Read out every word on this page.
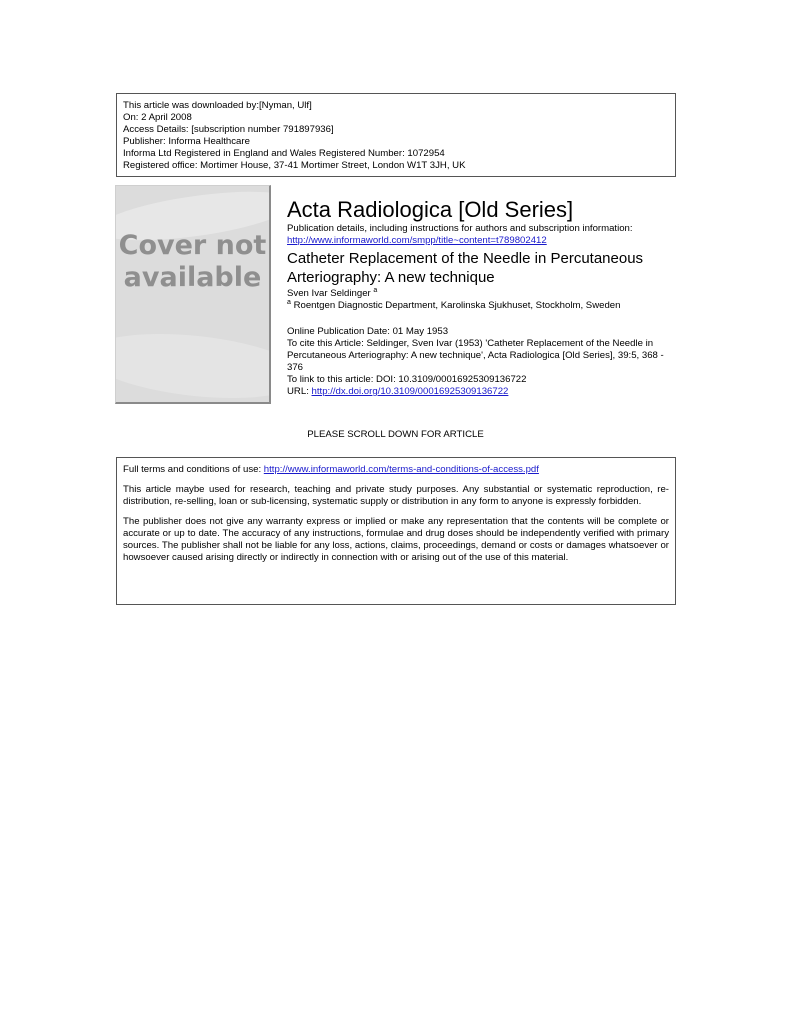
This article was downloaded by:[Nyman, Ulf]
On: 2 April 2008
Access Details: [subscription number 791897936]
Publisher: Informa Healthcare
Informa Ltd Registered in England and Wales Registered Number: 1072954
Registered office: Mortimer House, 37-41 Mortimer Street, London W1T 3JH, UK
Cover not
available
Acta Radiologica [Old Series]
Publication details, including instructions for authors and subscription information:
http://www.informaworld.com/smpp/title~content=t789802412
Catheter Replacement of the Needle in Percutaneous Arteriography: A new technique
Sven Ivar Seldinger $^a$
$^a$ Roentgen Diagnostic Department, Karolinska Sjukhuset, Stockholm, Sweden
Online Publication Date: 01 May 1953
To cite this Article: Seldinger, Sven Ivar (1953) 'Catheter Replacement of the Needle in Percutaneous Arteriography: A new technique', Acta Radiologica [Old Series], 39:5, 368 - 376
To link to this article: DOI: 10.3109/00016925309136722
URL: http://dx.doi.org/10.3109/00016925309136722
PLEASE SCROLL DOWN FOR ARTICLE

Full terms and conditions of use: http://www.informaworld.com/terms-and-conditions-of-access.pdf

This article maybe used for research, teaching and private study purposes. Any substantial or systematic reproduction, re-distribution, re-selling, loan or sub-licensing, systematic supply or distribution in any form to anyone is expressly forbidden.

The publisher does not give any warranty express or implied or make any representation that the contents will be complete or accurate or up to date. The accuracy of any instructions, formulae and drug doses should be independently verified with primary sources. The publisher shall not be liable for any loss, actions, claims, proceedings, demand or costs or damages whatsoever or howsoever caused arising directly or indirectly in connection with or arising out of the use of this material.
